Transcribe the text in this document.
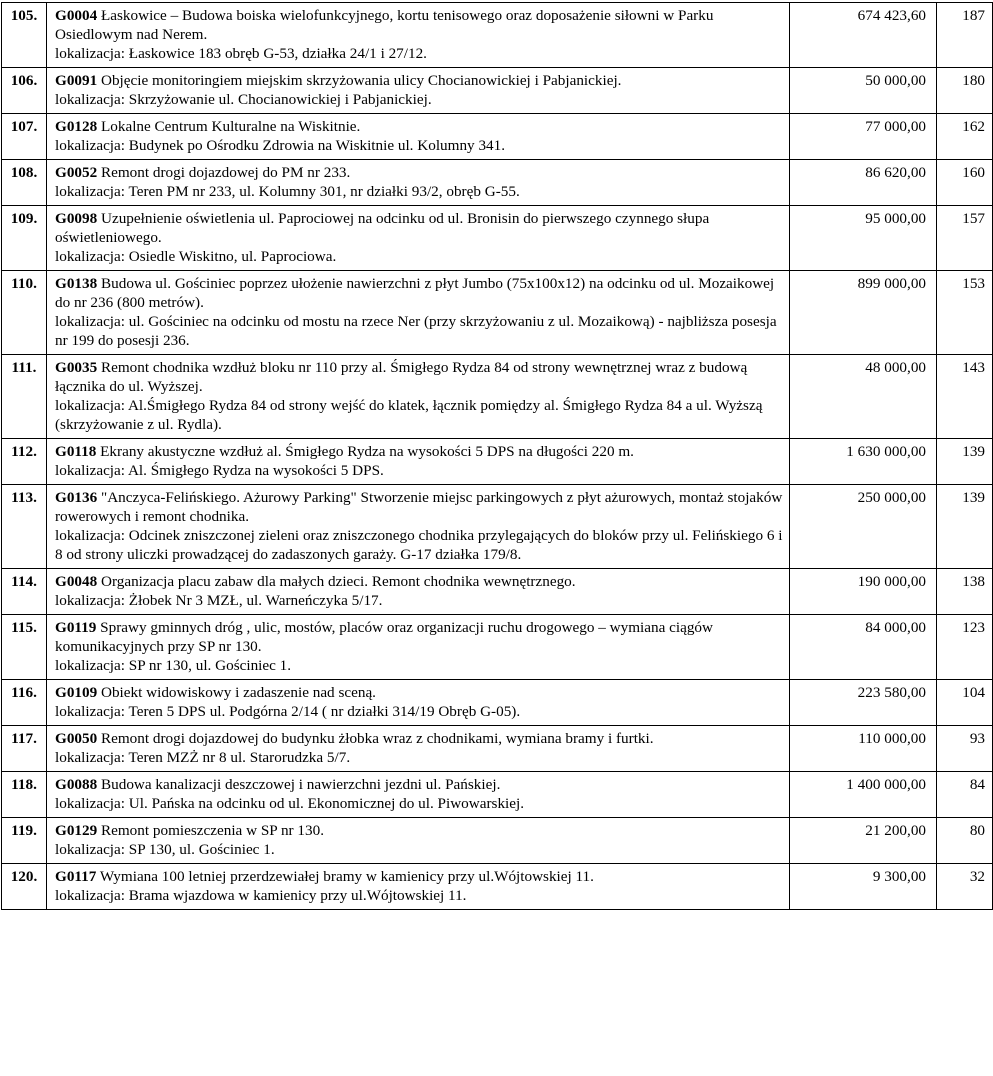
105.	G0004 Łaskowice – Budowa boiska wielofunkcyjnego, kortu tenisowego oraz doposażenie siłowni w Parku Osiedlowym nad Nerem.
lokalizacja: Łaskowice 183 obręb G-53, działka 24/1 i 27/12.	674 423,60	187
106.	G0091 Objęcie monitoringiem miejskim skrzyżowania ulicy Chocianowickiej i Pabjanickiej.
lokalizacja: Skrzyżowanie ul. Chocianowickiej i Pabjanickiej.	50 000,00	180
107.	G0128 Lokalne Centrum Kulturalne na Wiskitnie.
lokalizacja: Budynek po Ośrodku Zdrowia na Wiskitnie ul. Kolumny 341.	77 000,00	162
108.	G0052 Remont drogi dojazdowej do PM nr 233.
lokalizacja: Teren PM nr 233, ul. Kolumny 301, nr działki 93/2, obręb G-55.	86 620,00	160
109.	G0098 Uzupełnienie oświetlenia ul. Paprociowej na odcinku od ul. Bronisin do pierwszego czynnego słupa oświetleniowego.
lokalizacja: Osiedle Wiskitno, ul. Paprociowa.	95 000,00	157
110.	G0138 Budowa ul. Gościniec poprzez ułożenie nawierzchni z płyt Jumbo (75x100x12) na odcinku od ul. Mozaikowej do nr 236 (800 metrów).
lokalizacja: ul. Gościniec na odcinku od mostu na rzece Ner (przy skrzyżowaniu z ul. Mozaikową) - najbliższa posesja nr 199 do posesji 236.	899 000,00	153
111.	G0035 Remont chodnika wzdłuż bloku nr 110 przy al. Śmigłego Rydza 84 od strony wewnętrznej wraz z budową łącznika do ul. Wyższej.
lokalizacja: Al.Śmigłego Rydza 84 od strony wejść do klatek, łącznik pomiędzy al. Śmigłego Rydza 84 a ul. Wyższą (skrzyżowanie z ul. Rydla).	48 000,00	143
112.	G0118 Ekrany akustyczne wzdłuż al. Śmigłego Rydza na wysokości 5 DPS na długości 220 m.
lokalizacja: Al. Śmigłego Rydza na wysokości 5 DPS.	1 630 000,00	139
113.	G0136 "Anczyca-Felińskiego. Ażurowy Parking" Stworzenie miejsc parkingowych z płyt ażurowych, montaż stojaków rowerowych i remont chodnika.
lokalizacja: Odcinek zniszczonej zieleni oraz zniszczonego chodnika przylegających do bloków przy ul. Felińskiego 6 i 8 od strony uliczki prowadzącej do zadaszonych garaży. G-17 działka 179/8.	250 000,00	139
114.	G0048 Organizacja placu zabaw dla małych dzieci. Remont chodnika wewnętrznego.
lokalizacja: Żłobek Nr 3 MZŁ, ul. Warneńczyka 5/17.	190 000,00	138
115.	G0119 Sprawy gminnych dróg , ulic, mostów, placów oraz organizacji ruchu drogowego – wymiana ciągów komunikacyjnych przy SP nr 130.
lokalizacja: SP nr 130, ul. Gościniec 1.	84 000,00	123
116.	G0109 Obiekt widowiskowy i zadaszenie nad sceną.
lokalizacja: Teren 5 DPS ul. Podgórna 2/14 ( nr działki 314/19 Obręb G-05).	223 580,00	104
117.	G0050 Remont drogi dojazdowej do budynku żłobka wraz z chodnikami, wymiana bramy i furtki.
lokalizacja: Teren MZŻ nr 8 ul. Starorudzka 5/7.	110 000,00	93
118.	G0088 Budowa kanalizacji deszczowej i nawierzchni jezdni ul. Pańskiej.
lokalizacja: Ul. Pańska na odcinku od ul. Ekonomicznej do ul. Piwowarskiej.	1 400 000,00	84
119.	G0129 Remont pomieszczenia w SP nr 130.
lokalizacja: SP 130, ul. Gościniec 1.	21 200,00	80
120.	G0117 Wymiana 100 letniej przerdzewiałej bramy w kamienicy przy ul.Wójtowskiej 11.
lokalizacja: Brama wjazdowa w kamienicy przy ul.Wójtowskiej 11.	9 300,00	32
